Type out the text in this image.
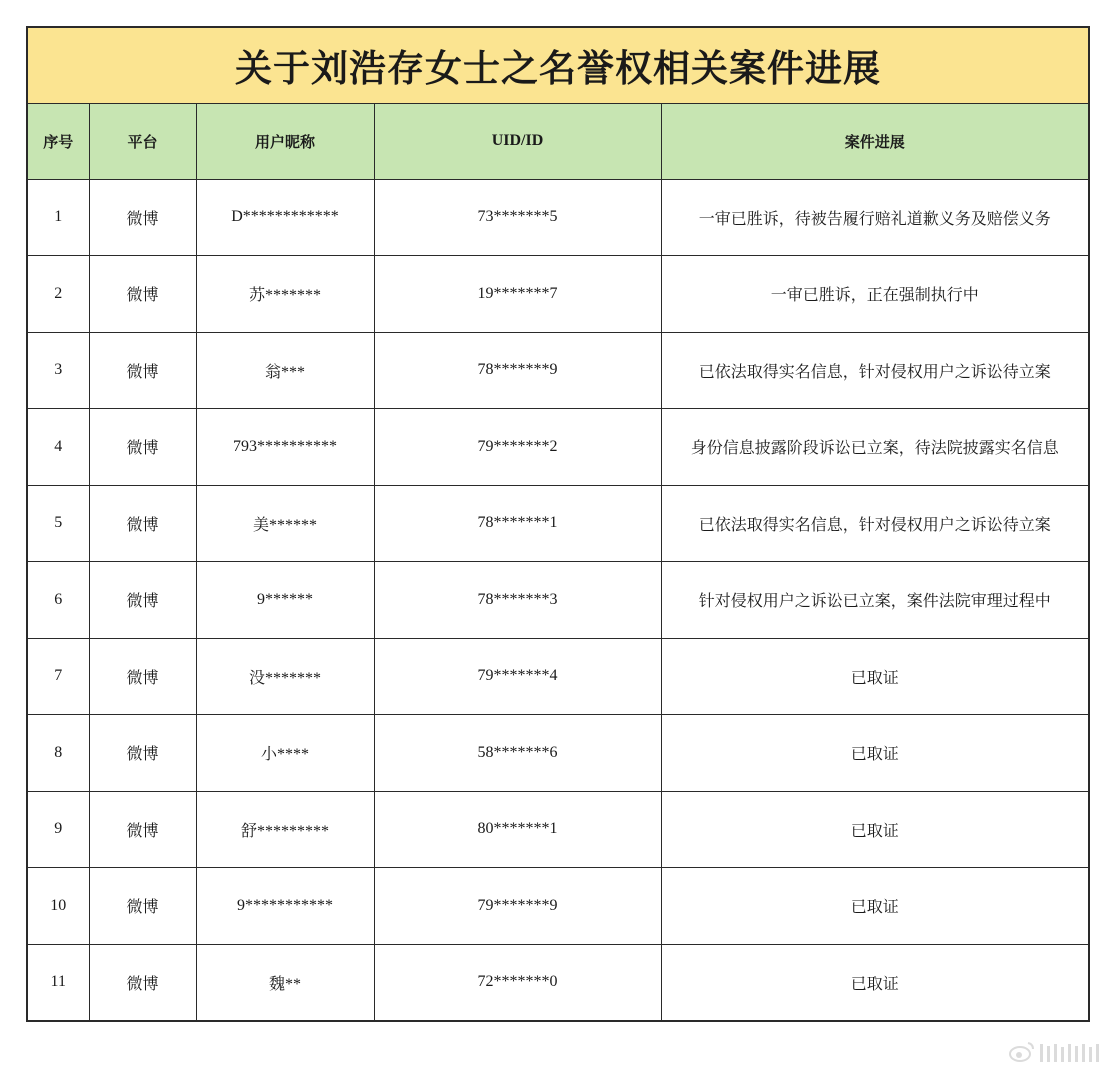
关于刘浩存女士之名誉权相关案件进展				
序号	平台	用户昵称	UID/ID	案件进展
1	微博	D************	73*******5	一审已胜诉，待被告履行赔礼道歉义务及赔偿义务
2	微博	苏*******	19*******7	一审已胜诉，正在强制执行中
3	微博	翁***	78*******9	已依法取得实名信息，针对侵权用户之诉讼待立案
4	微博	793**********	79*******2	身份信息披露阶段诉讼已立案，待法院披露实名信息
5	微博	美******	78*******1	已依法取得实名信息，针对侵权用户之诉讼待立案
6	微博	9******	78*******3	针对侵权用户之诉讼已立案，案件法院审理过程中
7	微博	没*******	79*******4	已取证
8	微博	小****	58*******6	已取证
9	微博	舒*********	80*******1	已取证
10	微博	9***********	79*******9	已取证
11	微博	魏**	72*******0	已取证
